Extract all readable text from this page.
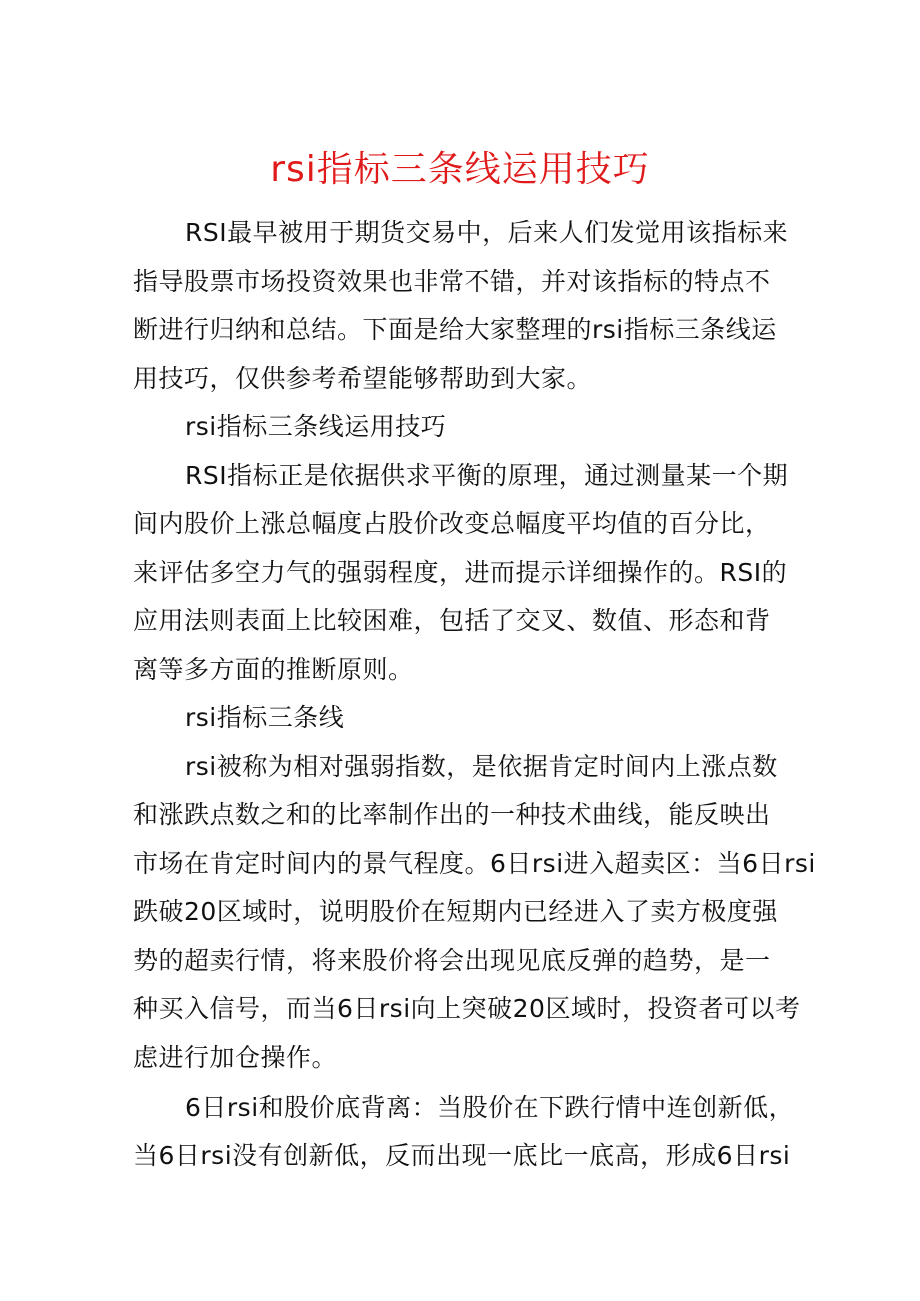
rsi指标三条线运用技巧
RSI最早被用于期货交易中，后来人们发觉用该指标来
指导股票市场投资效果也非常不错，并对该指标的特点不
断进行归纳和总结。下面是给大家整理的rsi指标三条线运
用技巧，仅供参考希望能够帮助到大家。
rsi指标三条线运用技巧
RSI指标正是依据供求平衡的原理，通过测量某一个期
间内股价上涨总幅度占股价改变总幅度平均值的百分比，
来评估多空力气的强弱程度，进而提示详细操作的。RSI的
应用法则表面上比较困难，包括了交叉、数值、形态和背
离等多方面的推断原则。
rsi指标三条线
rsi被称为相对强弱指数，是依据肯定时间内上涨点数
和涨跌点数之和的比率制作出的一种技术曲线，能反映出
市场在肯定时间内的景气程度。6日rsi进入超卖区：当6日rsi
跌破20区域时，说明股价在短期内已经进入了卖方极度强
势的超卖行情，将来股价将会出现见底反弹的趋势，是一
种买入信号，而当6日rsi向上突破20区域时，投资者可以考
虑进行加仓操作。
6日rsi和股价底背离：当股价在下跌行情中连创新低，
当6日rsi没有创新低，反而出现一底比一底高，形成6日rsi
